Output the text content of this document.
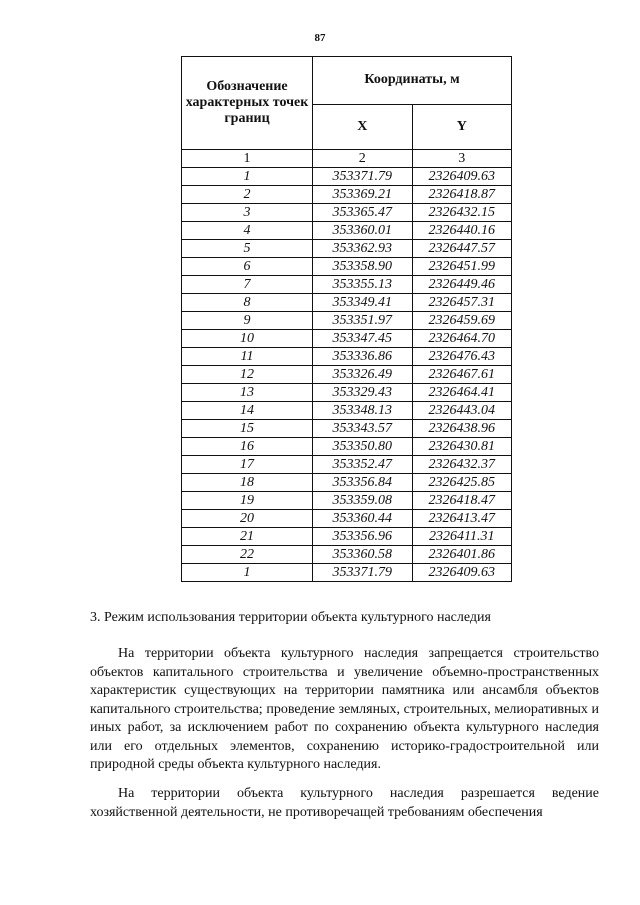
87
Обозначение характерных точек границ	Координаты, м	
	X	Y
1	2	3
1	353371.79	2326409.63
2	353369.21	2326418.87
3	353365.47	2326432.15
4	353360.01	2326440.16
5	353362.93	2326447.57
6	353358.90	2326451.99
7	353355.13	2326449.46
8	353349.41	2326457.31
9	353351.97	2326459.69
10	353347.45	2326464.70
11	353336.86	2326476.43
12	353326.49	2326467.61
13	353329.43	2326464.41
14	353348.13	2326443.04
15	353343.57	2326438.96
16	353350.80	2326430.81
17	353352.47	2326432.37
18	353356.84	2326425.85
19	353359.08	2326418.47
20	353360.44	2326413.47
21	353356.96	2326411.31
22	353360.58	2326401.86
1	353371.79	2326409.63

3. Режим использования территории объекта культурного наследия

На территории объекта культурного наследия запрещается строительство объектов капитального строительства и увеличение объемно-пространственных характеристик существующих на территории памятника или ансамбля объектов капитального строительства; проведение земляных, строительных, мелиоративных и иных работ, за исключением работ по сохранению объекта культурного наследия или его отдельных элементов, сохранению историко-градостроительной или природной среды объекта культурного наследия.

На территории объекта культурного наследия разрешается ведение хозяйственной деятельности, не противоречащей требованиям обеспечения
